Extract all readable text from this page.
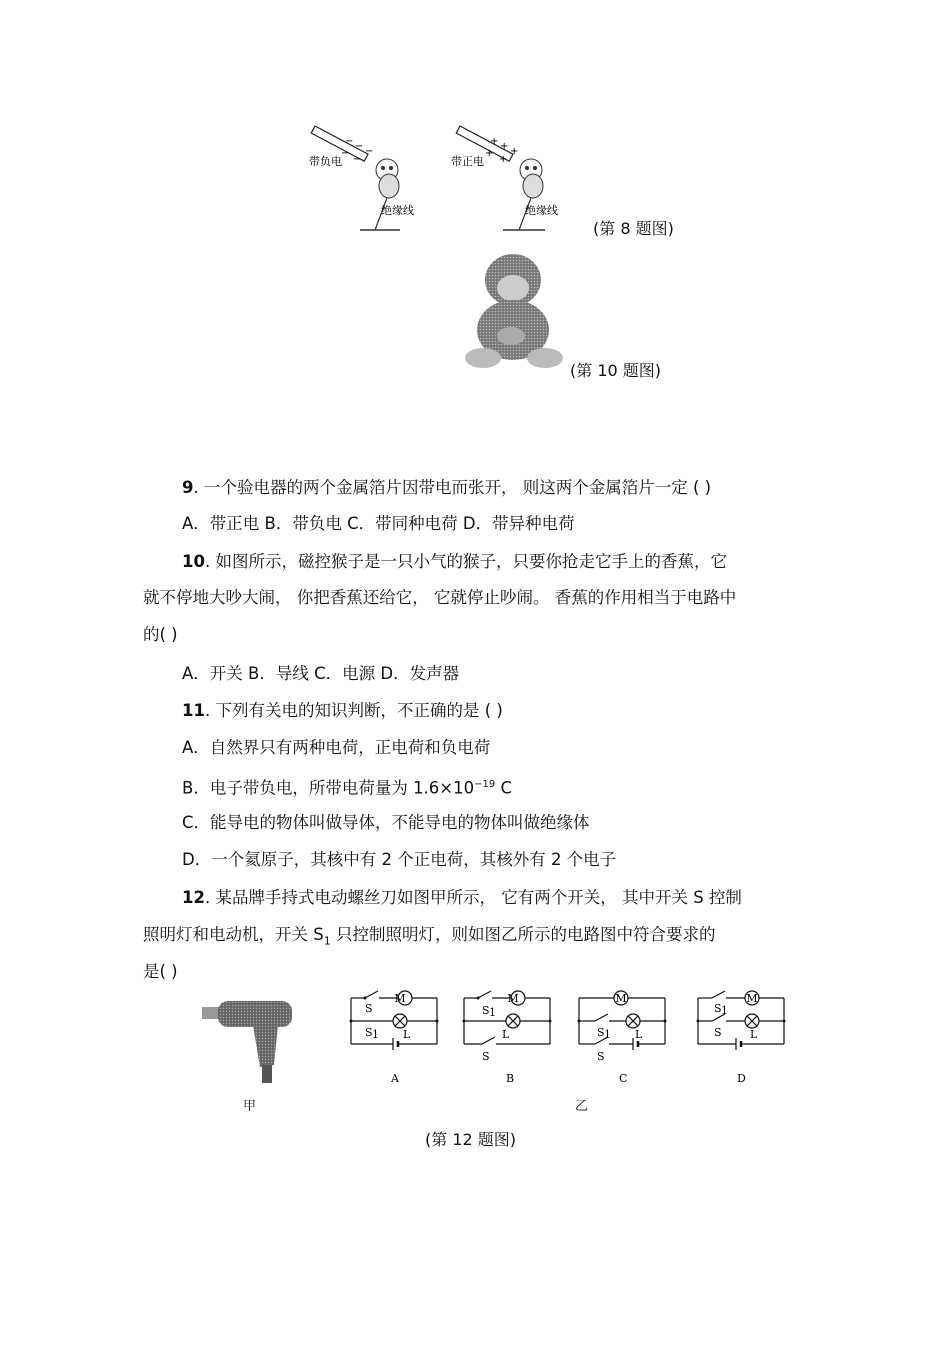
− − −
−
−
带负电
绝缘线
+ + +
+
+
带正电
绝缘线
(第 8 题图)
(第 10 题图)
9. 一个验电器的两个金属箔片因带电而张开， 则这两个金属箔片一定 ( )
A．带正电 B．带负电 C．带同种电荷 D．带异种电荷
10. 如图所示，磁控猴子是一只小气的猴子，只要你抢走它手上的香蕉，它
就不停地大吵大闹， 你把香蕉还给它， 它就停止吵闹。 香蕉的作用相当于电路中
的( )
A．开关 B．导线 C．电源 D．发声器
11. 下列有关电的知识判断，不正确的是 ( )
A．自然界只有两种电荷，正电荷和负电荷
B．电子带负电，所带电荷量为 $1.6\times 10^{-19}$ C
C．能导电的物体叫做导体，不能导电的物体叫做绝缘体
D．一个氦原子，其核中有 2 个正电荷，其核外有 2 个电子
12. 某品牌手持式电动螺丝刀如图甲所示， 它有两个开关， 其中开关 S 控制
照明灯和电动机，开关 $S_1$ 只控制照明灯，则如图乙所示的电路图中符合要求的
是( )
甲
M
S
S 1 L
A
M
S 1
L
S
B
M
S 1 L
S
C
M
S 1
S	L
D
乙
(第 12 题图)
